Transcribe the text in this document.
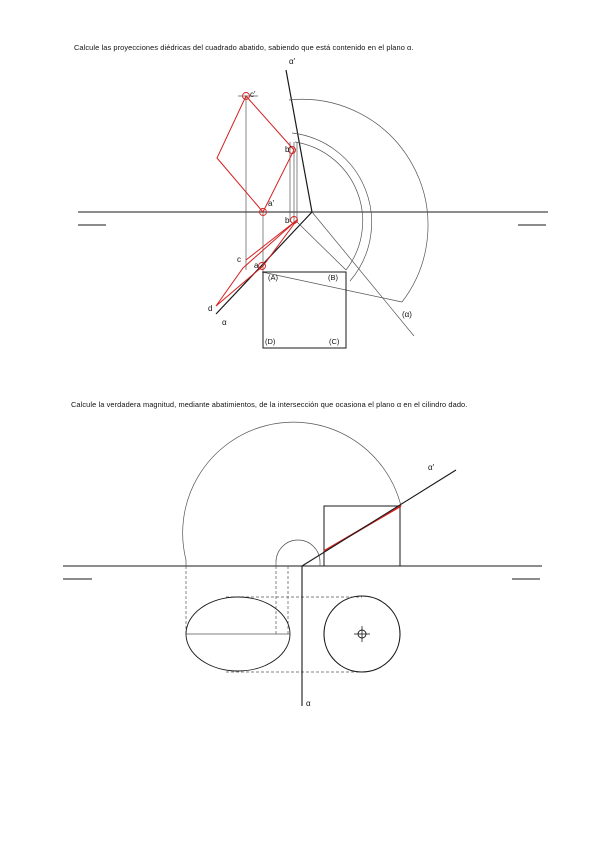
Calcule las proyecciones diédricas del cuadrado abatido, sabiendo que está contenido en el plano α.
Calcule la verdadera magnitud, mediante abatimientos, de la intersección que ocasiona el plano α en el cilindro dado.
α'
α
(α)
c'
b'
a'
b
c
a
d
(A)	(B)
(C)
(D)
α'
α
